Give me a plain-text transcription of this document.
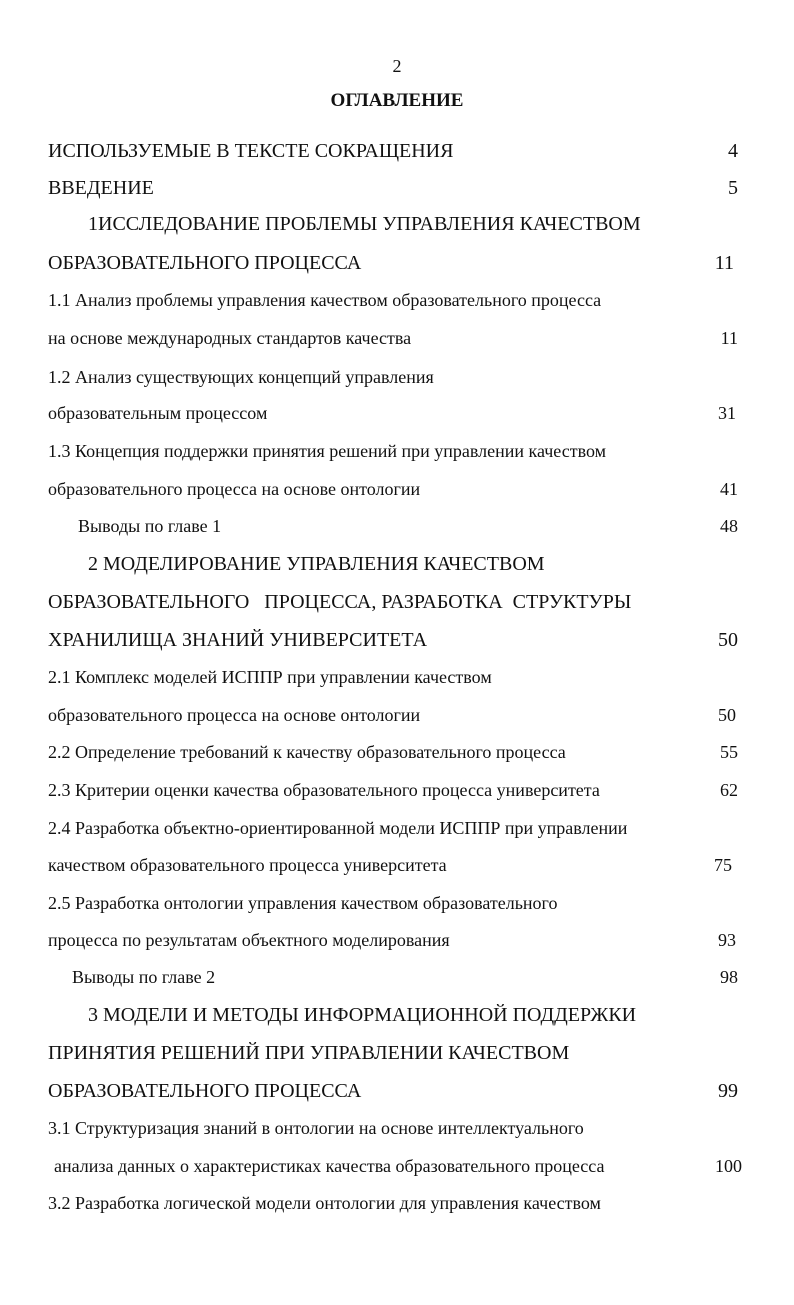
2
ОГЛАВЛЕНИЕ
ИСПОЛЬЗУЕМЫЕ В ТЕКСТЕ СОКРАЩЕНИЯ	4
ВВЕДЕНИЕ	5
1ИССЛЕДОВАНИЕ ПРОБЛЕМЫ УПРАВЛЕНИЯ КАЧЕСТВОМ
ОБРАЗОВАТЕЛЬНОГО ПРОЦЕССА	11
1.1 Анализ проблемы управления качеством образовательного процесса
на основе международных стандартов качества	11
1.2 Анализ существующих концепций управления
образовательным процессом	31
1.3 Концепция поддержки принятия решений при управлении качеством
образовательного процесса на основе онтологии	41
Выводы по главе 1	48
2 МОДЕЛИРОВАНИЕ УПРАВЛЕНИЯ КАЧЕСТВОМ
ОБРАЗОВАТЕЛЬНОГО   ПРОЦЕССА, РАЗРАБОТКА  СТРУКТУРЫ
ХРАНИЛИЩА ЗНАНИЙ УНИВЕРСИТЕТА	50
2.1 Комплекс моделей ИСППР при управлении качеством
образовательного процесса на основе онтологии	50
2.2 Определение требований к качеству образовательного процесса	55
2.3 Критерии оценки качества образовательного процесса университета	62
2.4 Разработка объектно-ориентированной модели ИСППР при управлении
качеством образовательного процесса университета	75
2.5 Разработка онтологии управления качеством образовательного
процесса по результатам объектного моделирования	93
Выводы по главе 2	98
3 МОДЕЛИ И МЕТОДЫ ИНФОРМАЦИОННОЙ ПОДДЕРЖКИ
ПРИНЯТИЯ РЕШЕНИЙ ПРИ УПРАВЛЕНИИ КАЧЕСТВОМ
ОБРАЗОВАТЕЛЬНОГО ПРОЦЕССА	99
3.1 Структуризация знаний в онтологии на основе интеллектуального
анализа данных о характеристиках качества образовательного процесса	100
3.2 Разработка логической модели онтологии для управления качеством
